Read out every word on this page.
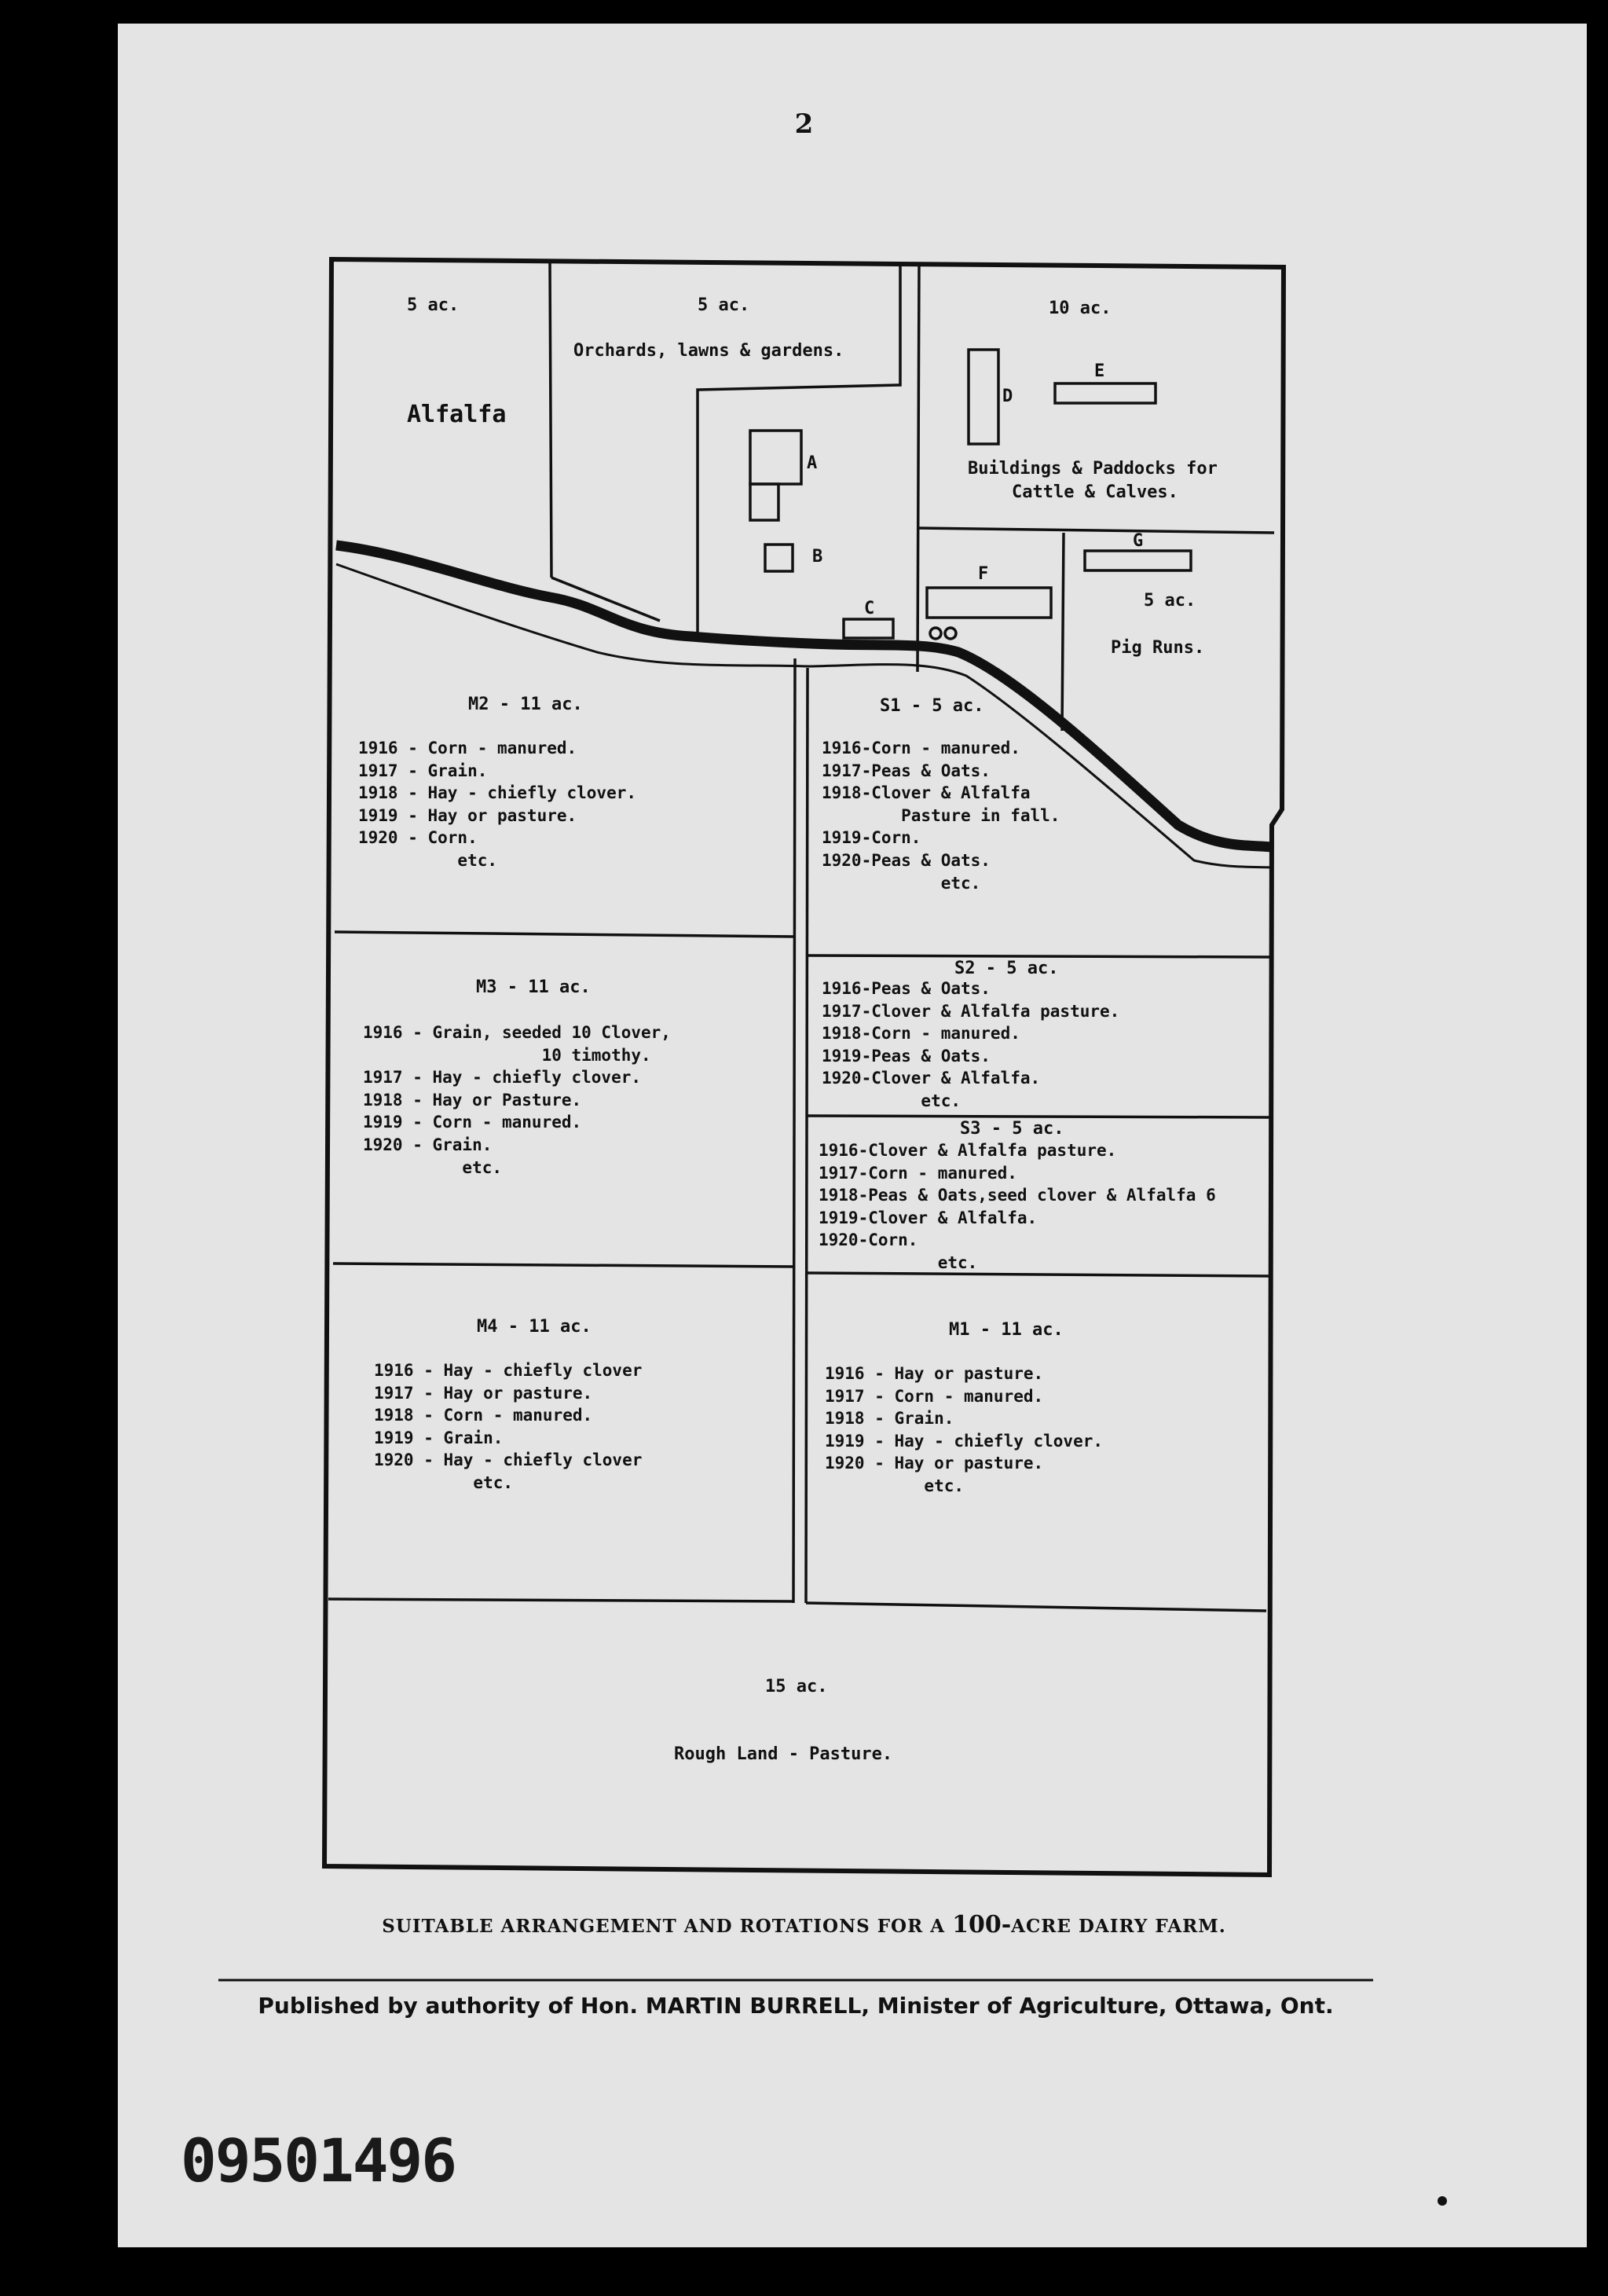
2
5 ac.
Alfalfa
5 ac.
Orchards, lawns & gardens.
10 ac.
Buildings & Paddocks for
Cattle & Calves.
5 ac.
Pig Runs.
A
B
C
D
E
F
G
M2 - 11 ac.
1916 - Corn - manured.
1917 - Grain.
1918 - Hay - chiefly clover.
1919 - Hay or pasture.
1920 - Corn.
etc.
M3 - 11 ac.
1916 - Grain, seeded 10 Clover,
10 timothy.
1917 - Hay - chiefly clover.
1918 - Hay or Pasture.
1919 - Corn - manured.
1920 - Grain.
etc.
M4 - 11 ac.
1916 - Hay - chiefly clover
1917 - Hay or pasture.
1918 - Corn - manured.
1919 - Grain.
1920 - Hay - chiefly clover
etc.
S1 - 5 ac.
1916-Corn - manured.
1917-Peas & Oats.
1918-Clover & Alfalfa
Pasture in fall.
1919-Corn.
1920-Peas & Oats.
etc.
S2 - 5 ac.
1916-Peas & Oats.
1917-Clover & Alfalfa pasture.
1918-Corn - manured.
1919-Peas & Oats.
1920-Clover & Alfalfa.
etc.
S3 - 5 ac.
1916-Clover & Alfalfa pasture.
1917-Corn - manured.
1918-Peas & Oats,seed clover & Alfalfa 6
1919-Clover & Alfalfa.
1920-Corn.
etc.
M1 - 11 ac.
1916 - Hay or pasture.
1917 - Corn - manured.
1918 - Grain.
1919 - Hay - chiefly clover.
1920 - Hay or pasture.
etc.
15 ac.
Rough Land - Pasture.
SUITABLE ARRANGEMENT AND ROTATIONS FOR A 100-ACRE DAIRY FARM.
Published by authority of Hon. MARTIN BURRELL, Minister of Agriculture, Ottawa, Ont.
09501496
